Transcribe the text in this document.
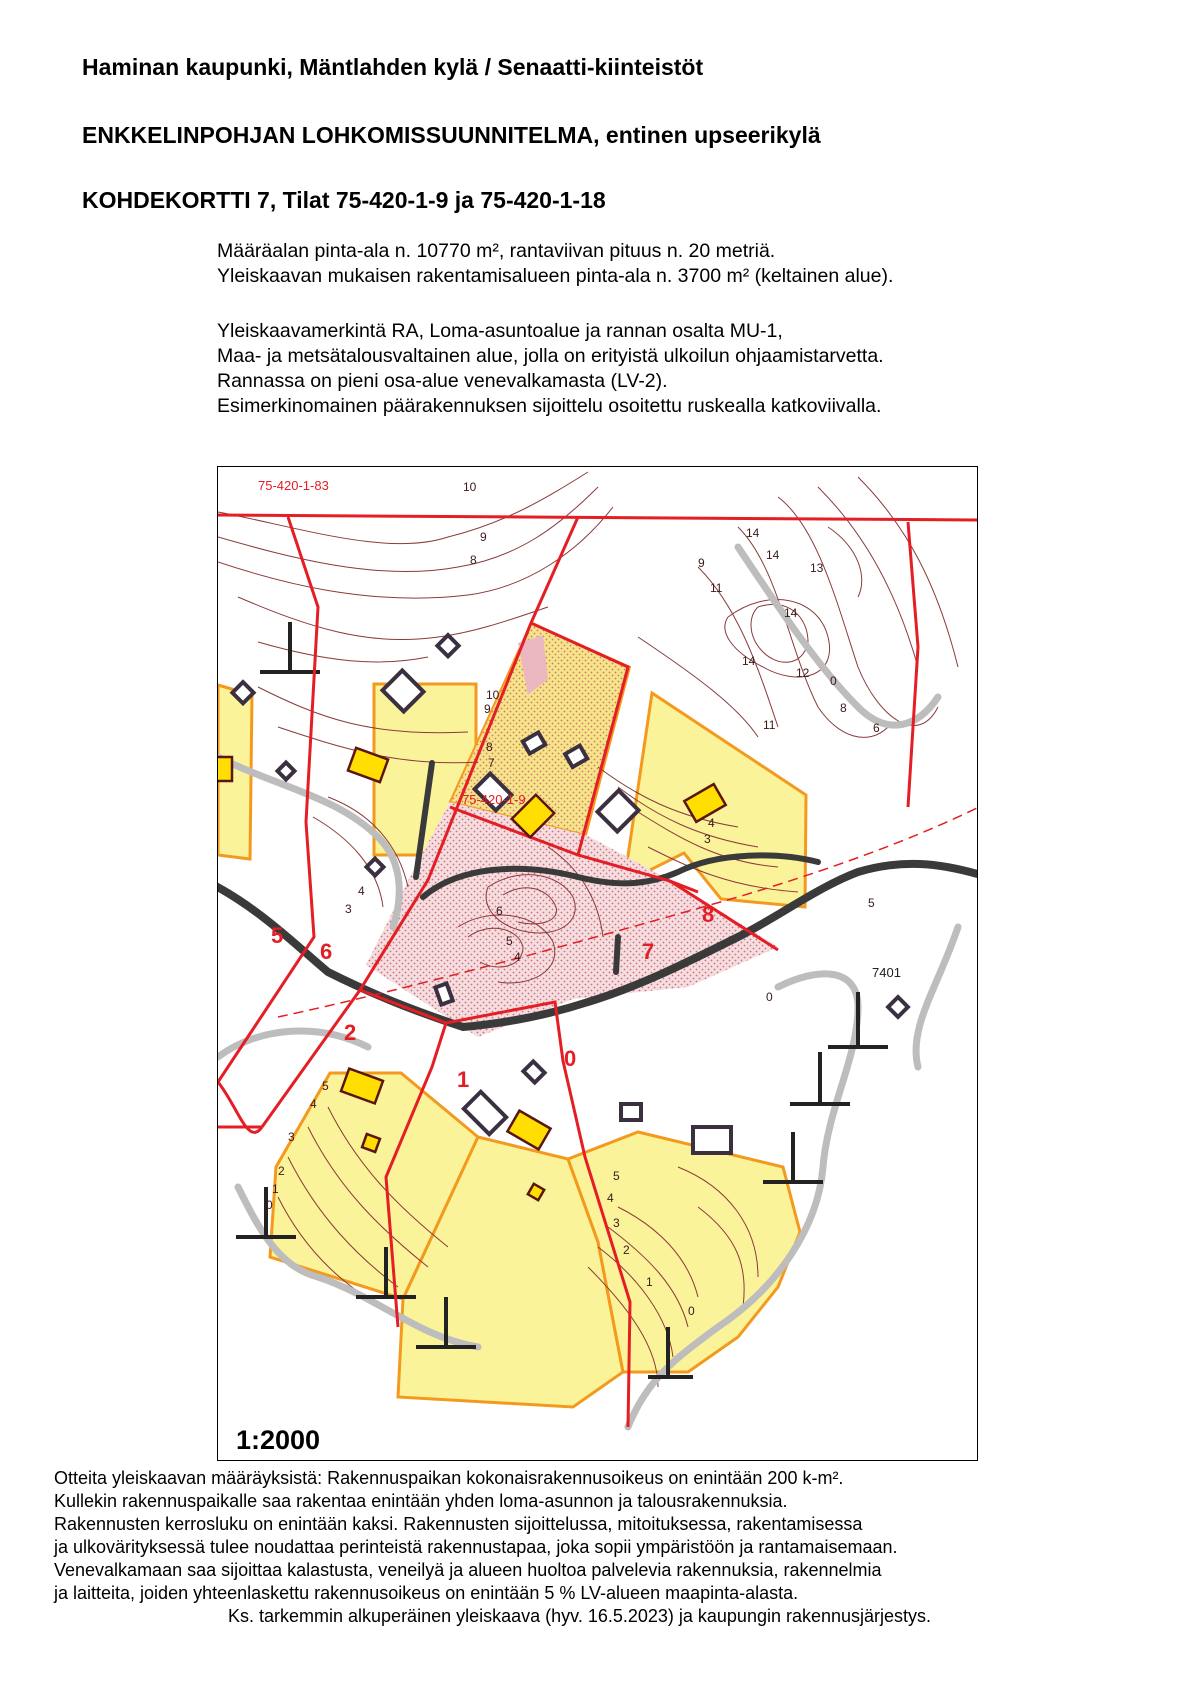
Haminan kaupunki, Mäntlahden kylä / Senaatti-kiinteistöt
ENKKELINPOHJAN LOHKOMISSUUNNITELMA, entinen upseerikylä
KOHDEKORTTI 7, Tilat 75-420-1-9 ja 75-420-1-18
Määräalan pinta-ala n. 10770 m², rantaviivan pituus n. 20 metriä.
Yleiskaavan mukaisen rakentamisalueen pinta-ala n. 3700 m² (keltainen alue).
Yleiskaavamerkintä RA, Loma-asuntoalue ja rannan osalta MU-1,
Maa- ja metsätalousvaltainen alue, jolla on erityistä ulkoilun ohjaamistarvetta.
Rannassa on pieni osa-alue venevalkamasta (LV-2).
Esimerkinomainen päärakennuksen sijoittelu osoitettu ruskealla katkoviivalla.
75-420-1-83
75-420-1-9
7401
5
6
2
1
0
7
8
10
9
8
10
9
8
7
6
5
4
4
3
5
4
3
2
1
0
5
4
3
2
1
0
0
4
3
5
14
14
14
14
13
12
11
0
8
6
9
11
1:2000
Otteita yleiskaavan määräyksistä: Rakennuspaikan kokonaisrakennusoikeus on enintään 200 k-m².
Kullekin rakennuspaikalle saa rakentaa enintään yhden loma-asunnon ja talousrakennuksia.
Rakennusten kerrosluku on enintään kaksi. Rakennusten sijoittelussa, mitoituksessa, rakentamisessa
ja ulkovärityksessä tulee noudattaa perinteistä rakennustapaa, joka sopii ympäristöön ja rantamaisemaan.
Venevalkamaan saa sijoittaa kalastusta, veneilyä ja alueen huoltoa palvelevia rakennuksia, rakennelmia
ja laitteita, joiden yhteenlaskettu rakennusoikeus on enintään 5 % LV-alueen maapinta-alasta.
Ks. tarkemmin alkuperäinen yleiskaava (hyv. 16.5.2023) ja kaupungin rakennusjärjestys.
